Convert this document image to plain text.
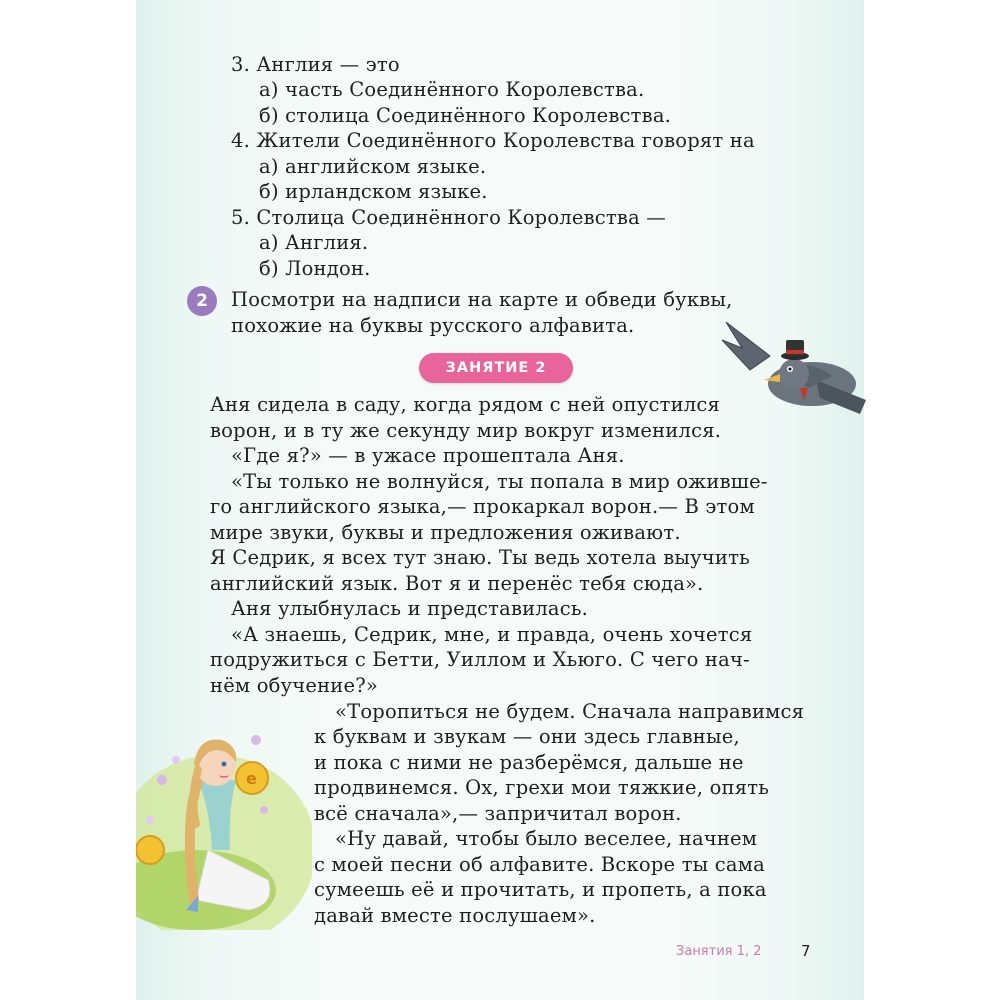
3. Англия — это
а) часть Соединённого Королевства.
б) столица Соединённого Королевства.
4. Жители Соединённого Королевства говорят на
а) английском языке.
б) ирландском языке.
5. Столица Соединённого Королевства —
а) Англия.
б) Лондон.
2	Посмотри на надписи на карте и обведи буквы,
похожие на буквы русского алфавита.
ЗАНЯТИЕ 2
Аня сидела в саду, когда рядом с ней опустился
ворон, и в ту же секунду мир вокруг изменился.
«Где я?» — в ужасе прошептала Аня.
«Ты только не волнуйся, ты попала в мир оживше-
го английского языка,— прокаркал ворон.— В этом
мире звуки, буквы и предложения оживают.
Я Седрик, я всех тут знаю. Ты ведь хотела выучить
английский язык. Вот я и перенёс тебя сюда».
Аня улыбнулась и представилась.
«А знаешь, Седрик, мне, и правда, очень хочется
подружиться с Бетти, Уиллом и Хьюго. С чего нач-
нём обучение?»
«Торопиться не будем. Сначала направимся
к буквам и звукам — они здесь главные,
и пока с ними не разберёмся, дальше не
продвинемся. Ох, грехи мои тяжкие, опять
всё сначала»,— запричитал ворон.
«Ну давай, чтобы было веселее, начнем
с моей песни об алфавите. Вскоре ты сама
сумеешь её и прочитать, и пропеть, а пока
давай вместе послушаем».
e
Занятия 1, 2	7
